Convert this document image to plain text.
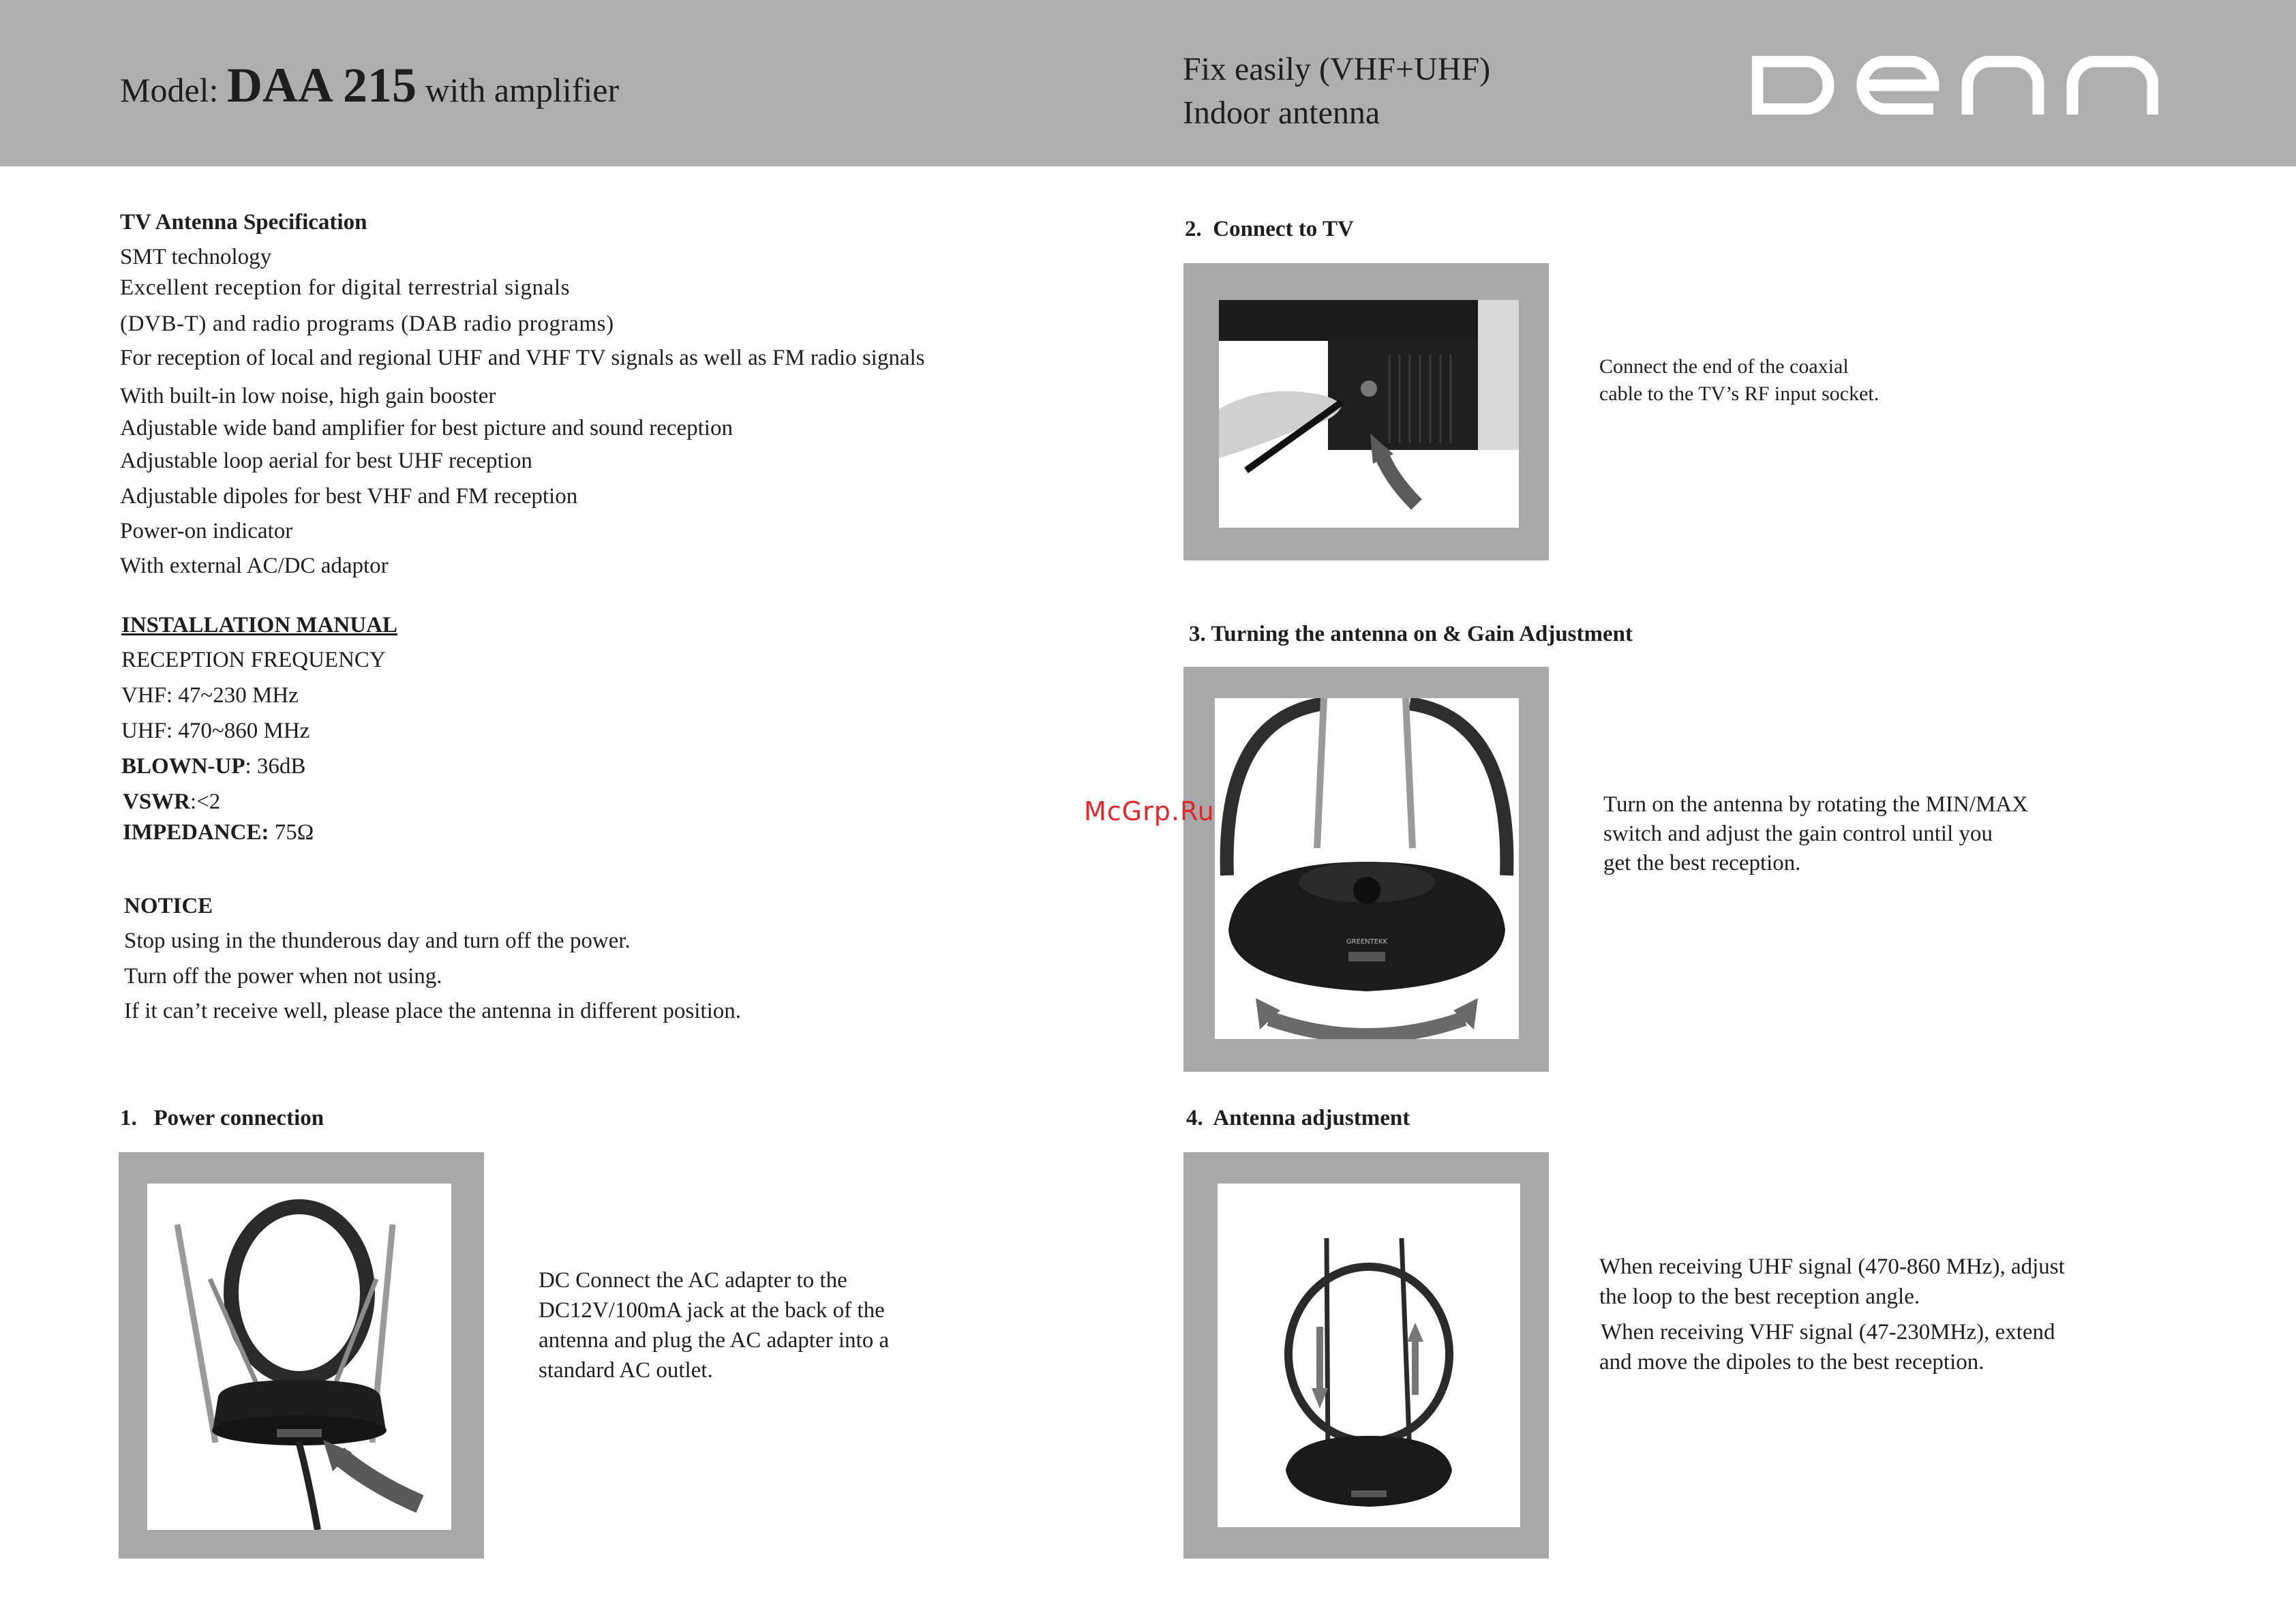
Model: DAA 215 with amplifier
Fix easily (VHF+UHF)
Indoor antenna
TV Antenna Specification
SMT technology
Excellent reception for digital terrestrial signals
(DVB-T) and radio programs (DAB radio programs)
For reception of local and regional UHF and VHF TV signals as well as FM radio signals
With built-in low noise, high gain booster
Adjustable wide band amplifier for best picture and sound reception
Adjustable loop aerial for best UHF reception
Adjustable dipoles for best VHF and FM reception
Power-on indicator
With external AC/DC adaptor
INSTALLATION MANUAL
RECEPTION FREQUENCY
VHF: 47~230 MHz
UHF: 470~860 MHz
BLOWN-UP: 36dB
VSWR:<2
IMPEDANCE: 75Ω
NOTICE
Stop using in the thunderous day and turn off the power.
Turn off the power when not using.
If it can’t receive well, please place the antenna in different position.
1.   Power connection
DC Connect the AC adapter to the
DC12V/100mA jack at the back of the
antenna and plug the AC adapter into a
standard AC outlet.
2.  Connect to TV
Connect the end of the coaxial
cable to the TV’s RF input socket.
3. Turning the antenna on & Gain Adjustment
GREENTEKK
McGrp.Ru	Turn on the antenna by rotating the MIN/MAX
switch and adjust the gain control until you
get the best reception.
4.  Antenna adjustment
When receiving UHF signal (470-860 MHz), adjust
the loop to the best reception angle.
When receiving VHF signal (47-230MHz), extend
and move the dipoles to the best reception.
